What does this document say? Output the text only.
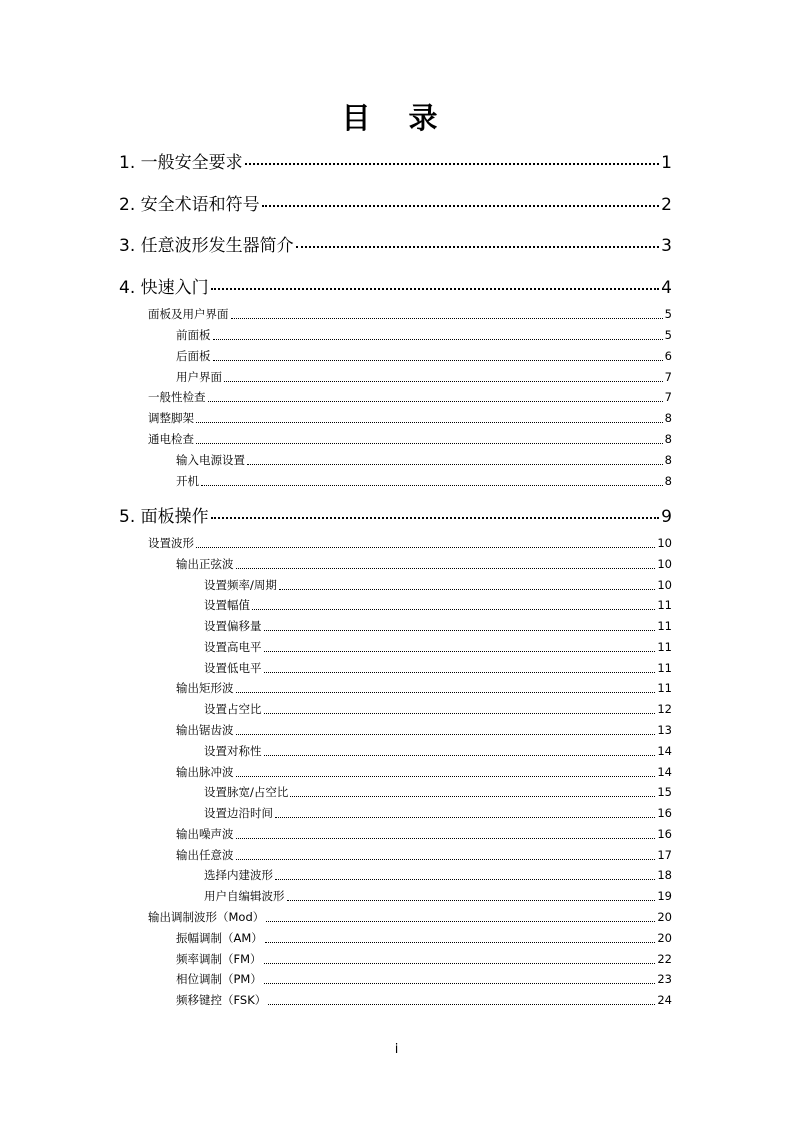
目 录
1. 一般安全要求	1
2. 安全术语和符号	2
3. 任意波形发生器简介	3
4. 快速入门	4
面板及用户界面	5
前面板	5
后面板	6
用户界面	7
一般性检查	7
调整脚架	8
通电检查	8
输入电源设置	8
开机	8
5. 面板操作	9
设置波形	10
输出正弦波	10
设置频率/周期	10
设置幅值	11
设置偏移量	11
设置高电平	11
设置低电平	11
输出矩形波	11
设置占空比	12
输出锯齿波	13
设置对称性	14
输出脉冲波	14
设置脉宽/占空比	15
设置边沿时间	16
输出噪声波	16
输出任意波	17
选择内建波形	18
用户自编辑波形	19
输出调制波形（Mod）	20
振幅调制（AM）	20
频率调制（FM）	22
相位调制（PM）	23
频移键控（FSK）	24
i
